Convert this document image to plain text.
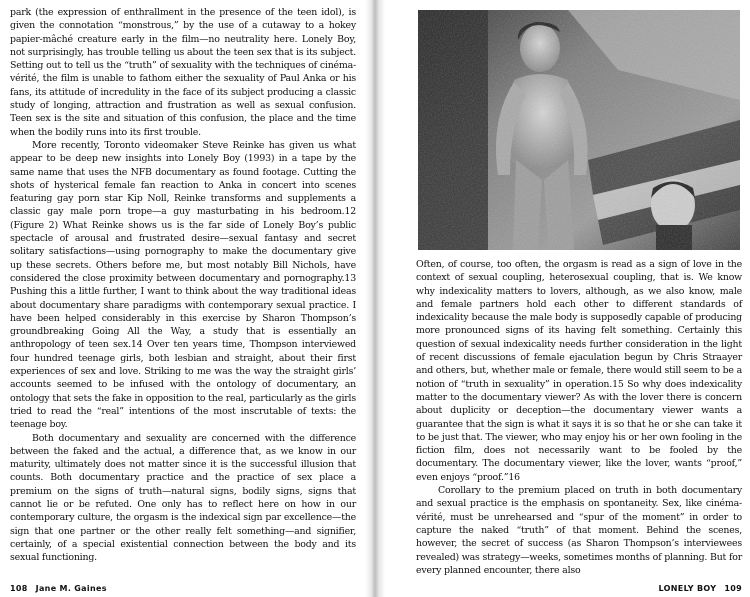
park (the expression of enthrallment in the presence of the teen idol), is given the connotation “monstrous,” by the use of a cutaway to a hokey papier-mâché creature early in the film—no neutrality here. Lonely Boy, not surprisingly, has trouble telling us about the teen sex that is its subject. Setting out to tell us the “truth” of sexuality with the techniques of cinéma-vérité, the film is unable to fathom either the sexuality of Paul Anka or his fans, its attitude of incredulity in the face of its subject producing a classic study of longing, attraction and frustration as well as sexual confusion. Teen sex is the site and situation of this confusion, the place and the time when the bodily runs into its first trouble.

More recently, Toronto videomaker Steve Reinke has given us what appear to be deep new insights into Lonely Boy (1993) in a tape by the same name that uses the NFB documentary as found footage. Cutting the shots of hysterical female fan reaction to Anka in concert into scenes featuring gay porn star Kip Noll, Reinke transforms and supplements a classic gay male porn trope—a guy masturbating in his bedroom.12 (Figure 2) What Reinke shows us is the far side of Lonely Boy’s public spectacle of arousal and frustrated desire—sexual fantasy and secret solitary satisfactions—using pornography to make the documentary give up these secrets. Others before me, but most notably Bill Nichols, have considered the close proximity between documentary and pornography.13 Pushing this a little further, I want to think about the way traditional ideas about documentary share paradigms with contemporary sexual practice. I have been helped considerably in this exercise by Sharon Thompson’s groundbreaking Going All the Way, a study that is essentially an anthropology of teen sex.14 Over ten years time, Thompson interviewed four hundred teenage girls, both lesbian and straight, about their first experiences of sex and love. Striking to me was the way the straight girls’ accounts seemed to be infused with the ontology of documentary, an ontology that sets the fake in opposition to the real, particularly as the girls tried to read the “real” intentions of the most inscrutable of texts: the teenage boy.

Both documentary and sexuality are concerned with the difference between the faked and the actual, a difference that, as we know in our maturity, ultimately does not matter since it is the successful illusion that counts. Both documentary practice and the practice of sex place a premium on the signs of truth—natural signs, bodily signs, signs that cannot lie or be refuted. One only has to reflect here on how in our contemporary culture, the orgasm is the indexical sign par excellence—the sign that one partner or the other really felt something—and signifier, certainly, of a special existential connection between the body and its sexual functioning.

108 Jane M. Gaines

Often, of course, too often, the orgasm is read as a sign of love in the context of sexual coupling, heterosexual coupling, that is. We know why indexicality matters to lovers, although, as we also know, male and female partners hold each other to different standards of indexicality because the male body is supposedly capable of producing more pronounced signs of its having felt something. Certainly this question of sexual indexicality needs further consideration in the light of recent discussions of female ejaculation begun by Chris Straayer and others, but, whether male or female, there would still seem to be a notion of “truth in sexuality” in operation.15 So why does indexicality matter to the documentary viewer? As with the lover there is concern about duplicity or deception—the documentary viewer wants a guarantee that the sign is what it says it is so that he or she can take it to be just that. The viewer, who may enjoy his or her own fooling in the fiction film, does not necessarily want to be fooled by the documentary. The documentary viewer, like the lover, wants “proof,” even enjoys “proof.”16

Corollary to the premium placed on truth in both documentary and sexual practice is the emphasis on spontaneity. Sex, like cinéma-vérité, must be unrehearsed and “spur of the moment” in order to capture the naked “truth” of that moment. Behind the scenes, however, the secret of success (as Sharon Thompson’s interviewees revealed) was strategy—weeks, sometimes months of planning. But for every planned encounter, there also

LONELY BOY 109
